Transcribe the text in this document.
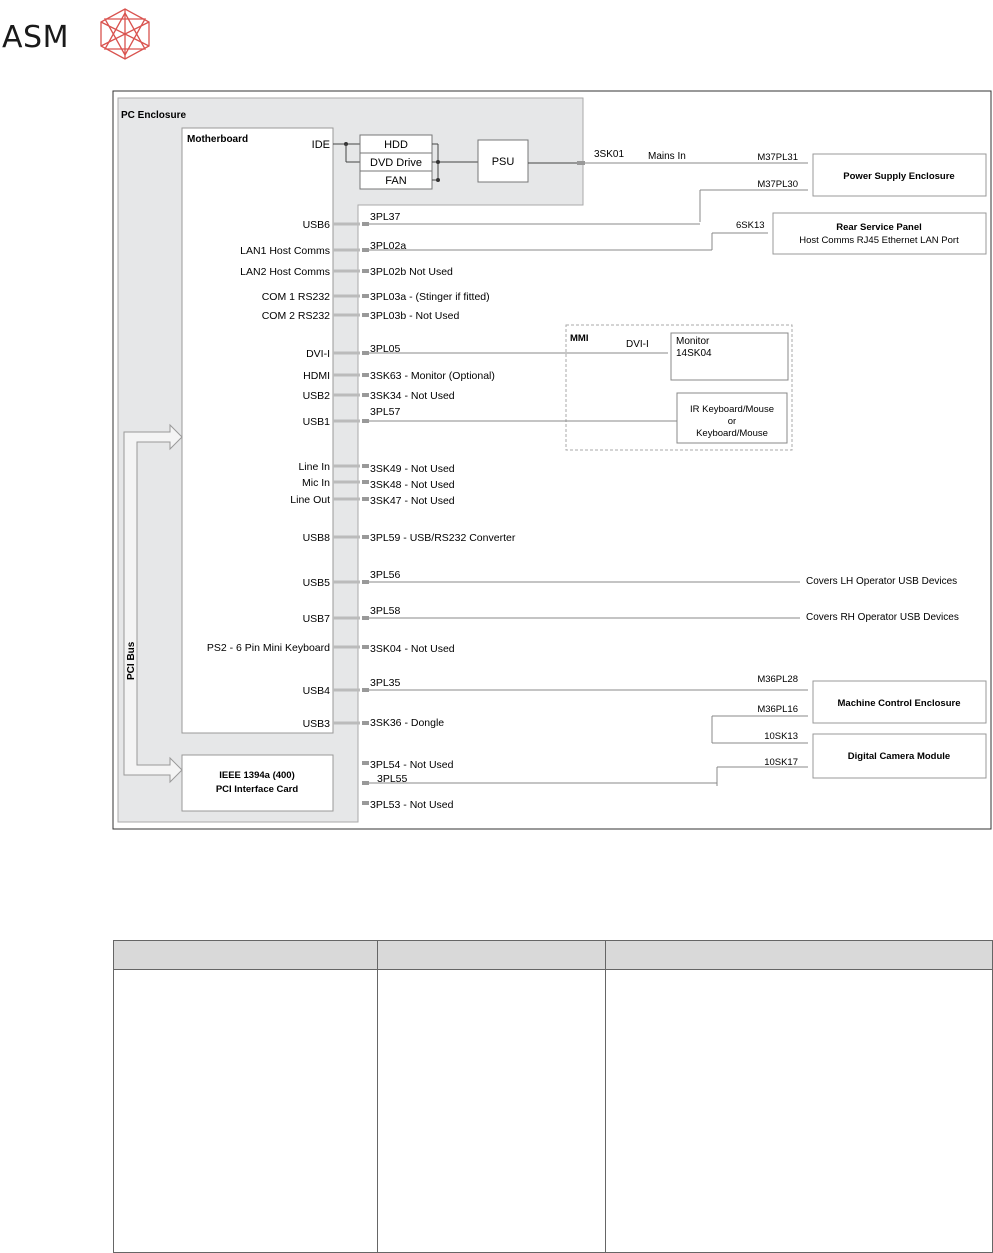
ASM
PC Enclosure
Motherboard
IEEE 1394a (400)
PCI Interface Card
PCI Bus
IDE	HDD
DVD Drive
FAN
PSU
3SK01 Mains In
Power Supply Enclosure
M37PL31
M37PL30
Rear Service Panel
Host Comms RJ45 Ethernet LAN Port
6SK13
MMI
DVI-I	Monitor
14SK04
IR Keyboard/Mouse
or
Keyboard/Mouse
Covers LH Operator USB Devices
Covers RH Operator USB Devices
Machine Control Enclosure
M36PL28
M36PL16
Digital Camera Module
10SK13
10SK17
USB6
LAN1 Host Comms
LAN2 Host Comms
COM 1 RS232
COM 2 RS232
DVI-I
HDMI
USB2
USB1
Line In
Mic In
Line Out
USB8
USB5
USB7
PS2 - 6 Pin Mini Keyboard
USB4
USB3
3PL37
3PL02a
3PL02b Not Used
3PL03a - (Stinger if fitted)
3PL03b - Not Used
3PL05
3SK63 - Monitor (Optional)
3SK34 - Not Used
3PL57
3SK49 - Not Used
3SK48 - Not Used
3SK47 - Not Used
3PL59 - USB/RS232 Converter
3PL56
3PL58
3SK04 - Not Used
3PL35
3SK36 - Dongle
3PL54 - Not Used
3PL55
3PL53 - Not Used
